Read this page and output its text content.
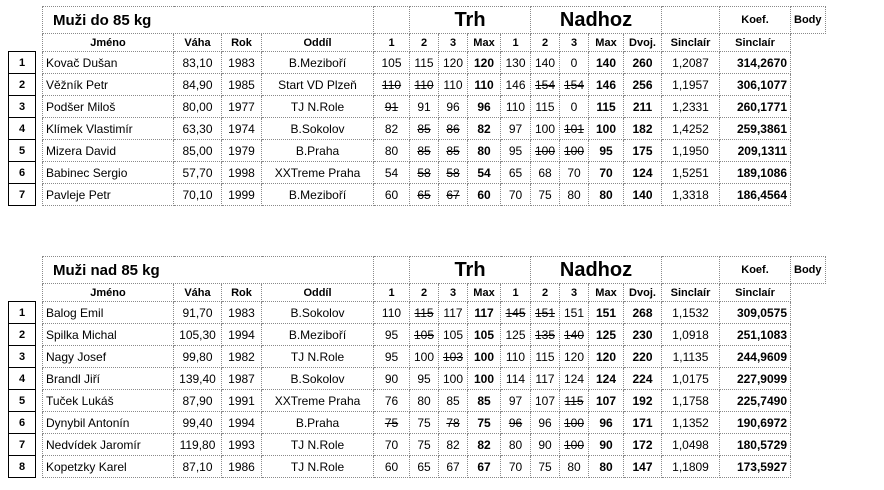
		Muži do 85 kg					Trh				Nadhoz					Koef.	Body
		Jméno	Váha	Rok	Oddíl	1	2	3	Max	1	2	3	Max	Dvoj.	Sinclaír	Sinclaír	
1		Kovač Dušan	83,10	1983	B.Meziboří	105	115	120	120	130	140	0	140	260	1,2087	314,2670	
2		Věžník Petr	84,90	1985	Start VD Plzeň	110	110	110	110	146	154	154	146	256	1,1957	306,1077	
3		Podšer Miloš	80,00	1977	TJ N.Role	91	91	96	96	110	115	0	115	211	1,2331	260,1771	
4		Klímek Vlastimír	63,30	1974	B.Sokolov	82	85	86	82	97	100	101	100	182	1,4252	259,3861	
5		Mizera David	85,00	1979	B.Praha	80	85	85	80	95	100	100	95	175	1,1950	209,1311	
6		Babinec Sergio	57,70	1998	XXTreme Praha	54	58	58	54	65	68	70	70	124	1,5251	189,1086	
7		Pavleje Petr	70,10	1999	B.Meziboří	60	65	67	60	70	75	80	80	140	1,3318	186,4564	
		Muži nad 85 kg					Trh				Nadhoz					Koef.	Body
		Jméno	Váha	Rok	Oddíl	1	2	3	Max	1	2	3	Max	Dvoj.	Sinclaír	Sinclaír	
1		Balog Emil	91,70	1983	B.Sokolov	110	115	117	117	145	151	151	151	268	1,1532	309,0575	
2		Spilka Michal	105,30	1994	B.Meziboří	95	105	105	105	125	135	140	125	230	1,0918	251,1083	
3		Nagy Josef	99,80	1982	TJ N.Role	95	100	103	100	110	115	120	120	220	1,1135	244,9609	
4		Brandl Jiří	139,40	1987	B.Sokolov	90	95	100	100	114	117	124	124	224	1,0175	227,9099	
5		Tuček Lukáš	87,90	1991	XXTreme Praha	76	80	85	85	97	107	115	107	192	1,1758	225,7490	
6		Dynybil Antonín	99,40	1994	B.Praha	75	75	78	75	96	96	100	96	171	1,1352	190,6972	
7		Nedvídek Jaromír	119,80	1993	TJ N.Role	70	75	82	82	80	90	100	90	172	1,0498	180,5729	
8		Kopetzky Karel	87,10	1986	TJ N.Role	60	65	67	67	70	75	80	80	147	1,1809	173,5927	
